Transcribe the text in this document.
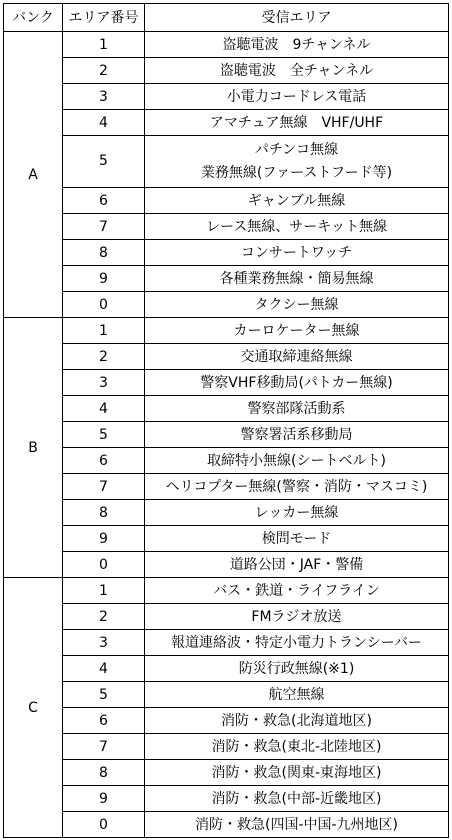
バンク	エリア番号	受信エリア
A	1	盗聴電波　9チャンネル

	2	盗聴電波　全チャンネル

	3	小電力コードレス電話

	4	アマチュア無線　VHF/UHF

	5	パチンコ無線
業務無線(ファーストフード等)

	6	ギャンブル無線

	7	レース無線、サーキット無線

	8	コンサートワッチ

	9	各種業務無線・簡易無線

	0	タクシー無線

B	1	カーロケーター無線

	2	交通取締連絡無線

	3	警察VHF移動局(パトカー無線)

	4	警察部隊活動系

	5	警察署活系移動局

	6	取締特小無線(シートベルト)

	7	ヘリコプター無線(警察・消防・マスコミ)

	8	レッカー無線

	9	検問モード

	0	道路公団・JAF・警備

C	1	バス・鉄道・ライフライン

	2	FMラジオ放送

	3	報道連絡波・特定小電力トランシーバー

	4	防災行政無線(※1)

	5	航空無線

	6	消防・救急(北海道地区)

	7	消防・救急(東北-北陸地区)

	8	消防・救急(関東-東海地区)

	9	消防・救急(中部-近畿地区)

	0	消防・救急(四国-中国-九州地区)
